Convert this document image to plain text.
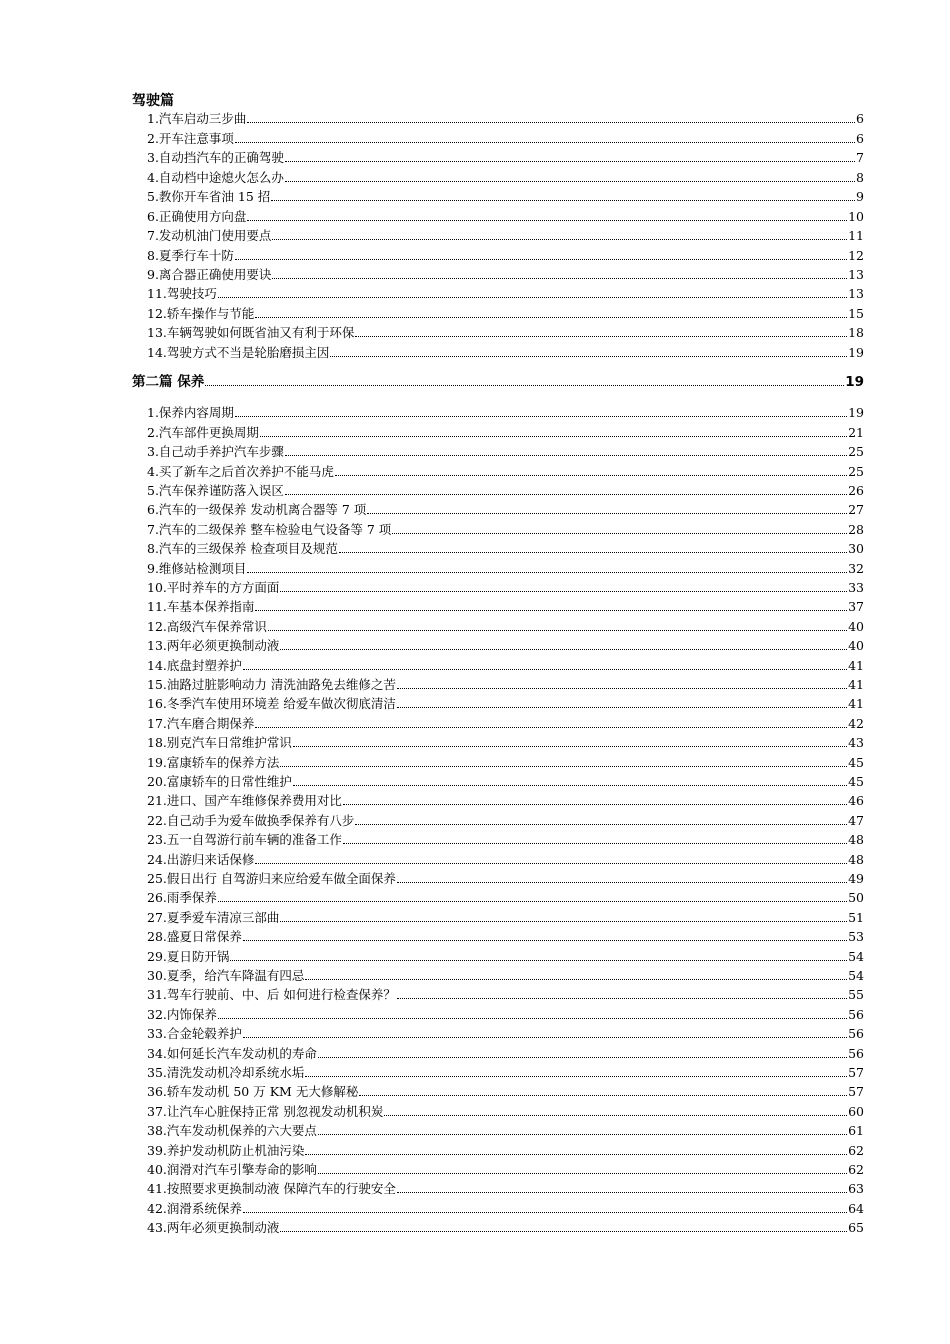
驾驶篇
1.汽车启动三步曲	6
2.开车注意事项	6
3.自动挡汽车的正确驾驶	7
4.自动档中途熄火怎么办	8
5.教你开车省油 15 招	9
6.正确使用方向盘	10
7.发动机油门使用要点	11
8.夏季行车十防	12
9.离合器正确使用要诀	13
11.驾驶技巧	13
12.轿车操作与节能	15
13.车辆驾驶如何既省油又有利于环保	18
14.驾驶方式不当是轮胎磨损主因	19
第二篇 保养	19
1.保养内容周期	19
2.汽车部件更换周期	21
3.自己动手养护汽车步骤	25
4.买了新车之后首次养护不能马虎	25
5.汽车保养谨防落入误区	26
6.汽车的一级保养 发动机离合器等 7 项	27
7.汽车的二级保养 整车检验电气设备等 7 项	28
8.汽车的三级保养 检查项目及规范	30
9.维修站检测项目	32
10.平时养车的方方面面	33
11.车基本保养指南	37
12.高级汽车保养常识	40
13.两年必须更换制动液	40
14.底盘封塑养护	41
15.油路过脏影响动力 清洗油路免去维修之苦	41
16.冬季汽车使用环境差 给爱车做次彻底清洁	41
17.汽车磨合期保养	42
18.别克汽车日常维护常识	43
19.富康轿车的保养方法	45
20.富康轿车的日常性维护	45
21.进口、国产车维修保养费用对比	46
22.自己动手为爱车做换季保养有八步	47
23.五一自驾游行前车辆的准备工作	48
24.出游归来话保修	48
25.假日出行 自驾游归来应给爱车做全面保养	49
26.雨季保养	50
27.夏季爱车清凉三部曲	51
28.盛夏日常保养	53
29.夏日防开锅	54
30.夏季，给汽车降温有四忌	54
31.驾车行驶前、中、后 如何进行检查保养？	55
32.内饰保养	56
33.合金轮毂养护	56
34.如何延长汽车发动机的寿命	56
35.清洗发动机冷却系统水垢	57
36.轿车发动机 50 万 KM 无大修解秘	57
37.让汽车心脏保持正常 别忽视发动机积炭	60
38.汽车发动机保养的六大要点	61
39.养护发动机防止机油污染	62
40.润滑对汽车引擎寿命的影响	62
41.按照要求更换制动液 保障汽车的行驶安全	63
42.润滑系统保养	64
43.两年必须更换制动液	65
